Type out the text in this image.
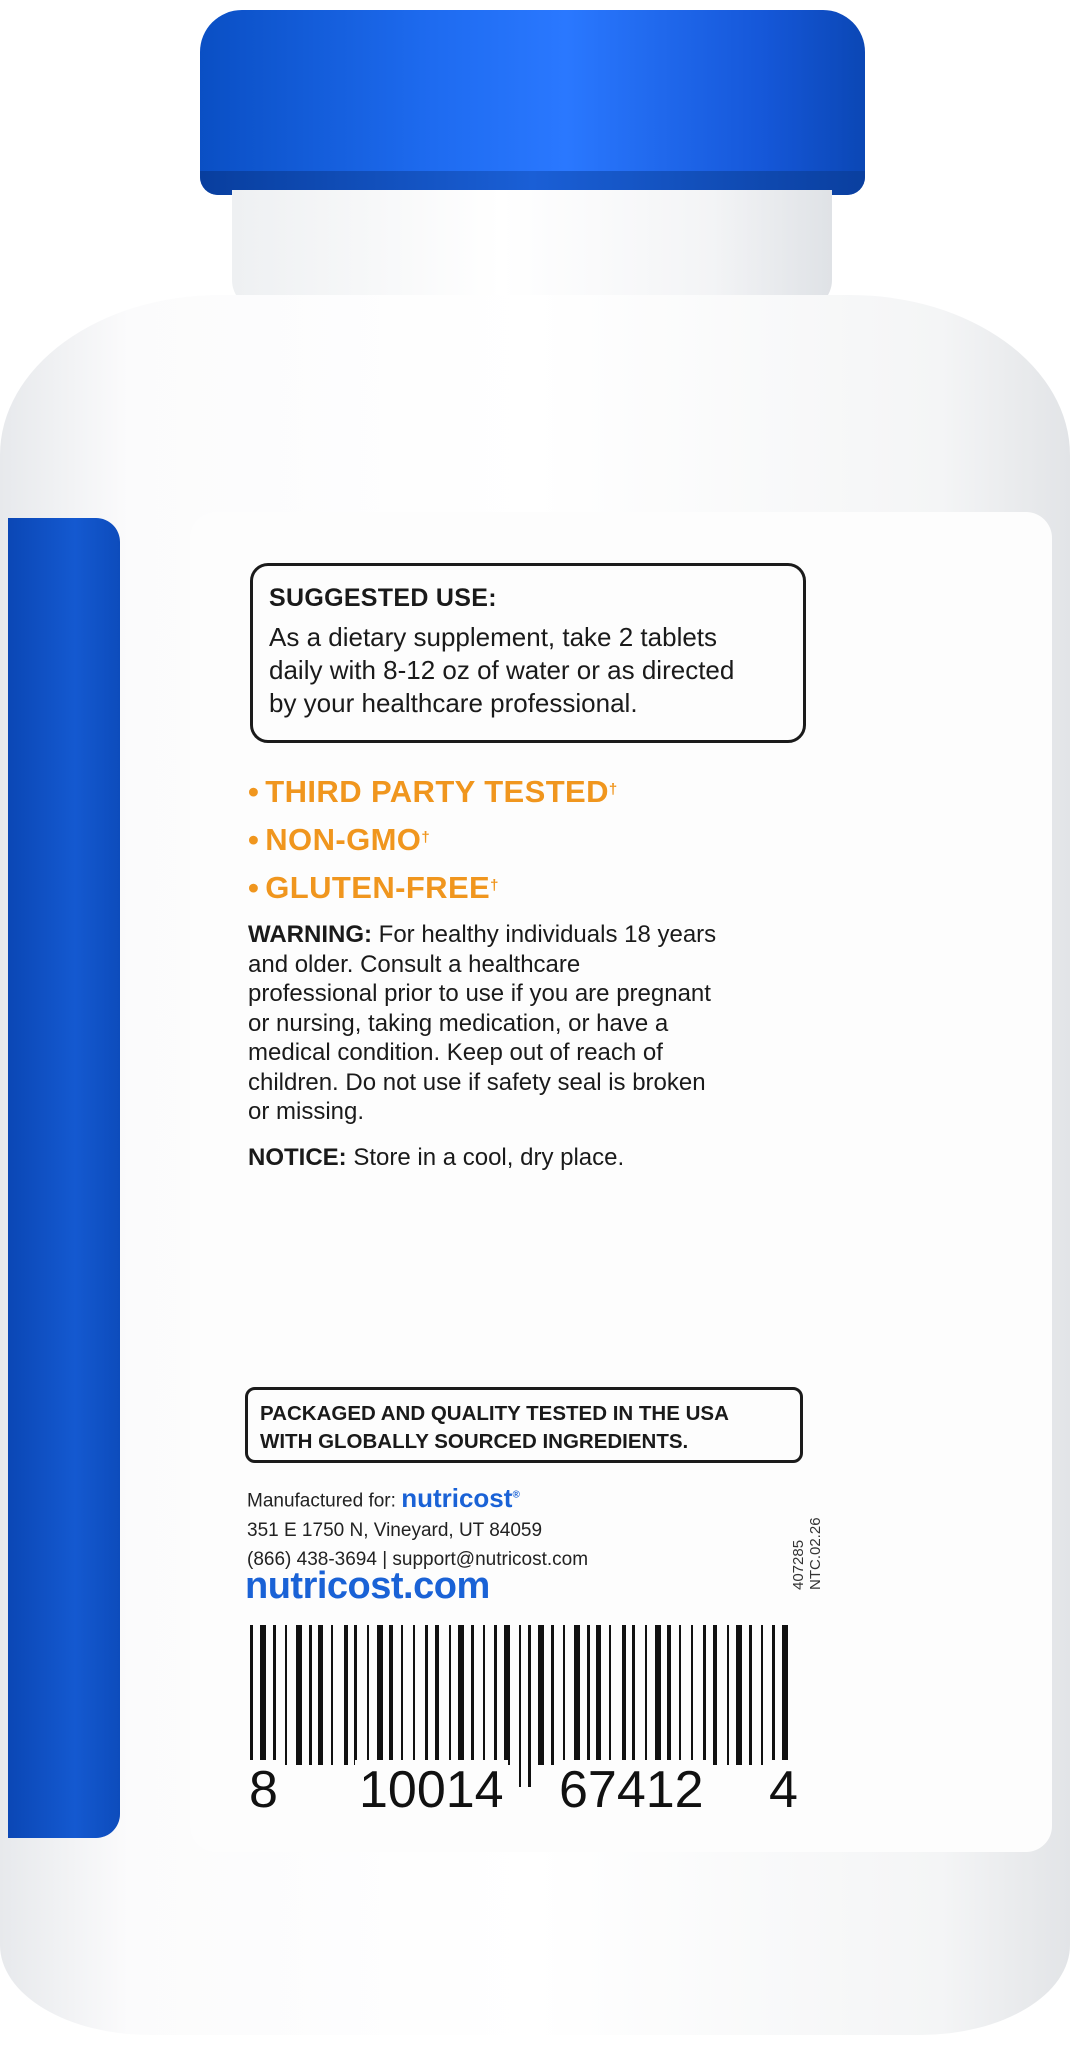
SUGGESTED USE:
As a dietary supplement, take 2 tablets
daily with 8-12 oz of water or as directed
by your healthcare professional.
• THIRD PARTY TESTED†
• NON-GMO†
• GLUTEN-FREE†
WARNING: For healthy individuals 18 years
and older. Consult a healthcare
professional prior to use if you are pregnant
or nursing, taking medication, or have a
medical condition. Keep out of reach of
children. Do not use if safety seal is broken
or missing.
NOTICE: Store in a cool, dry place.
PACKAGED AND QUALITY TESTED IN THE USA
WITH GLOBALLY SOURCED INGREDIENTS.
Manufactured for: nutricost®
351 E 1750 N, Vineyard, UT 84059
(866) 438-3694 | support@nutricost.com
nutricost.com	407285 NTC.02.26
8 10014 67412 4
